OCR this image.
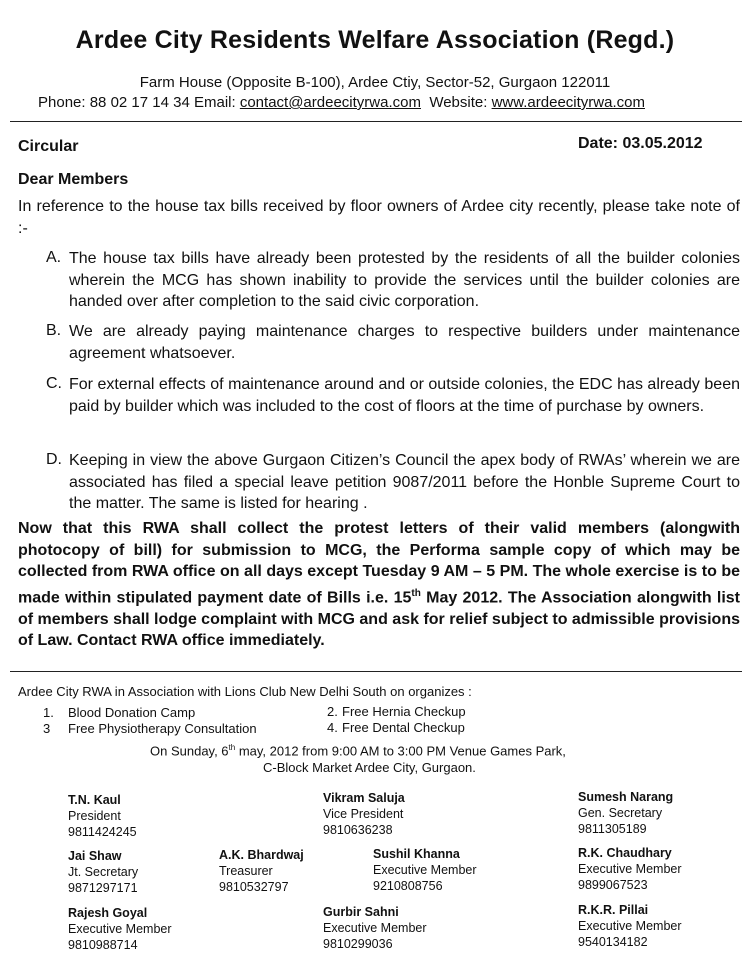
Ardee City Residents Welfare Association (Regd.)
Farm House (Opposite B-100), Ardee Ctiy, Sector-52, Gurgaon 122011
Phone: 88 02 17 14 34 Email: contact@ardeecityrwa.com Website: www.ardeecityrwa.com
Circular	Date: 03.05.2012
Dear Members
In reference to the house tax bills received by floor owners of Ardee city recently, please take note of :-
A. The house tax bills have already been protested by the residents of all the builder colonies wherein the MCG has shown inability to provide the services until the builder colonies are handed over after completion to the said civic corporation.
B. We are already paying maintenance charges to respective builders under maintenance agreement whatsoever.
C. For external effects of maintenance around and or outside colonies, the EDC has already been paid by builder which was included to the cost of floors at the time of purchase by owners.
D. Keeping in view the above Gurgaon Citizen’s Council the apex body of RWAs’ wherein we are associated has filed a special leave petition 9087/2011 before the Honble Supreme Court to the matter. The same is listed for hearing .
Now that this RWA shall collect the protest letters of their valid members (alongwith photocopy of bill) for submission to MCG, the Performa sample copy of which may be collected from RWA office on all days except Tuesday 9 AM – 5 PM. The whole exercise is to be made within stipulated payment date of Bills i.e. 15th May 2012. The Association alongwith list of members shall lodge complaint with MCG and ask for relief subject to admissible provisions of Law. Contact RWA office immediately.
Ardee City RWA in Association with Lions Club New Delhi South on organizes :
1. Blood Donation Camp	2. Free Hernia Checkup
3 Free Physiotherapy Consultation	4. Free Dental Checkup
On Sunday, 6th may, 2012 from 9:00 AM to 3:00 PM Venue Games Park,
C-Block Market Ardee City, Gurgaon.
T.N. Kaul
President
9811424245
Vikram Saluja
Vice President
9810636238
Sumesh Narang
Gen. Secretary
9811305189
Jai Shaw
Jt. Secretary
9871297171
A.K. Bhardwaj
Treasurer
9810532797
Sushil Khanna
Executive Member
9210808756
R.K. Chaudhary
Executive Member
9899067523
Rajesh Goyal
Executive Member
9810988714
Gurbir Sahni
Executive Member
9810299036
R.K.R. Pillai
Executive Member
9540134182
